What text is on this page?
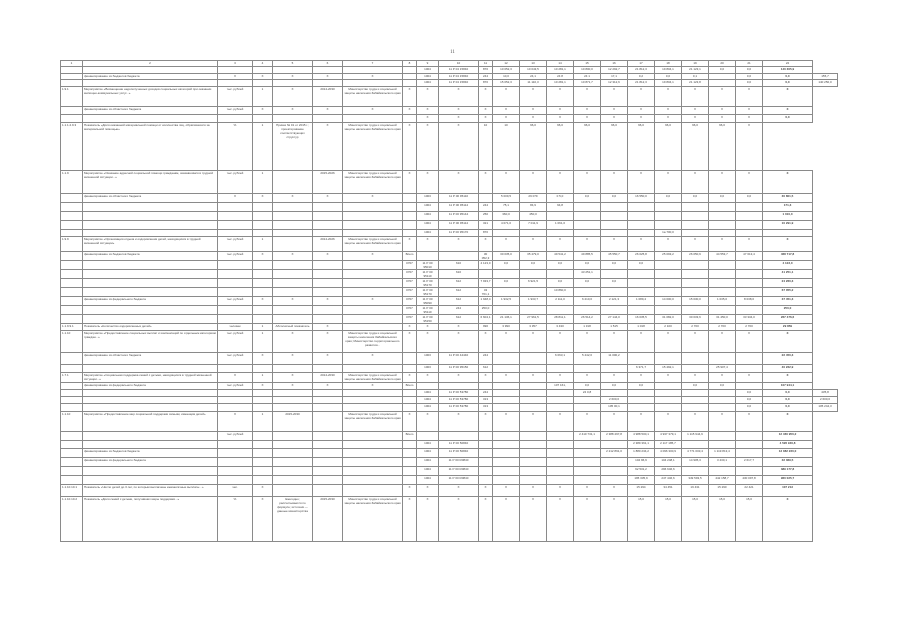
11
1	2	3	4	5	6	7	8	9	10	11	12	13	14	15	16	17	18	19	20	21	22	
								1004	11 Р 04 15840	870	10 052,3	10 043,5	10 281,1	10 800,0	12 292,7	21 812,3	19 804,1	21 123,1	0,0	0,0	140 305,9	
	финансирование из бюджетов бюджета	X	X	X	X	X		1004	11 Р 04 15840	244	10,0	24,1	24 8	24 1	17,1	0,2	0,0	0,1		0,0	0,0	155,7
								1004	11 Р 04 15840	870	15 052,3	11 110,3	10 281,1	10 871,7	12 312,6	21 812,3	19 804,1	21 123,8		0,0	0,0	140 250,0
1.9.1	Мероприятие «Возмещение недополученных доходов социальных категорий при оказании жилищно-коммунальных услуг...»	тыс. рублей	1	X	2014-2030	Министерство труда и социальной защиты населения Забайкальского края	X	X	X	X	X	X	X	X	X	X	X	X	X	X	X	
	финансирование из областного бюджета	тыс. рублей	X	X	X	X	X	X	X	X	X	X	X	X	X	X	X	X	X	X	X	
								X	X	X	X	X	X	X	X	X	X	X	X	X	0,0	
1.1.1.2.9.3	Показатель «Доля оказанной материальной помощи от количества лиц, обратившихся за материальной помощью»	%	1	Приказ № 01 от 2015 г.; проектирование соответствующих структур	X	Министерство труда и социальной защиты населения Забайкальского края	X	X	X	10	10	96,0	96,0	96,0	96,0	96,0	96,0	96,0	96,0	X		
1.1.9	Мероприятие «Оказание адресной социальной помощи гражданам, оказавшимся в трудной жизненной ситуации...»	тыс. рублей	1		2015-2026	Министерство труда и социальной защиты населения Забайкальского края	X	X	X	X	X	X	X	X	X	X	X	X	X	X	X	
	финансирование из областного бюджета	X	X	X	X	X		1003	11 Р 00 95110		5 009,5	29 079	0 5,0	0,0	0,0	16 550,0	0,0	0,0	0,0	0,0	30 801,5	
								1004	11 Р 00 95114	244	75,1	84,9	94,8								171,3	
								1004	11 Р 00 95144	250	360,0	450,0									1 010,0	
								1004	11 Р 00 95114	321	4 071,0	7 011,9	1 061,0								10 291,9	
								1004	11 Р 00 95170	870							1а 700,0					
1.9.9	Мероприятие «Организация отдыха и оздоровления детей, находящихся в трудной жизненной ситуации»	тыс. рублей	1		2014-2026	Министерство труда и социальной защиты населения Забайкальского края	X	X	X	X	X	X	X	X	X	X	X	X	X	X	X	
	финансирование из бюджетов бюджета	тыс. рублей	X	X	X	X	Всего			30 052,3	30 035,0	35 479,0	49 541,2	49 885,5	45 550,7	26 025,8	25 093,2	26 050,9	44 553,7	47 613,4	468 717,8	
							0707	11 Р 00 95010	610	4 123,0	0,0	0,0	0,0	0,0	0,0	0,0					4 123,0	
							0707	11 Р 00 95110	610					43 251,1							41 251,1	
							0707	11 Р 00 95170	612	7 933,7	0,0	6 921,5	0,0	0,0	0,0						24 260,3	
							0707	11 Р 00 95170	612	43 761,1			10 860,0								67 055,2	
	финансирование из федерального бюджета	тыс. рублей	X	X	X	X	0707	11 Р 00 95090	612	1 948,4	1 932,5	1 933,7	2 111,0	6 210,0	2 121,3	1 089,4	14 000,0	15 030,0	1 035,0	8 038,0	37 451,3	
							0707	11 Р 00 95110	244	250,0											250,0	
							0707	11 Р 00 95150	612	6 604,1	21 136,1	27 961,5	28 811,1	26 514,2	27 144,0	16 035,5	31 082,0	30 033,6	31 450,0	33 334,0	267 476,6	
1.1.9.9.1	Показатель «Количество оздоровленных детей»	человек	1	Абсолютный показатель	X		X	X	X	990	3 990	3 357	3 430	1 318	1 515	1 018	2 100	2 700	2 700	2 700	29 859	
1.1.10	Мероприятие «Предоставление социальных выплат и компенсаций по отдельным категориям граждан...»	тыс. рублей	1	X	X	Министерство труда и социальной защиты населения Забайкальского края; Министерство территориального развития...	X	X	X	X	X	X	X	X	X	X	X	X	X	X	X	
	финансирование из областного бюджета	тыс. рублей	X	X	X	X		1003	11 Р 00 44440	244			6 063,1	5 442,0	11 000,2						22 450,3	
								1003	11 Р 00 95150	612						6 371,7	15 492,1		25 907,4		40 222,9	
1.7.1	Мероприятие «Социальная поддержка семей с детьми, находящихся в трудной жизненной ситуации...»	X	1	X	2014-2030	Министерство труда и социальной защиты населения Забайкальского края	X	X	X	X	X	X	X	X	X	X	X	X	X	X	X	
	финансирование из федерального бюджета	тыс. рублей	X	X	X	X	Всего						107 161,	0,0	0,0	0,0		0,0	0,0		107 944,1	
								1004	11 Р 00 53780	244				24 0,8						0,0	0,0	435,8
								1004	11 Р 00 53780	313					2 600,0					0,0	0,0	2 600,0
								1004	11 Р 00 53780	313					105 00,1					0,0	0,0	105 244,3
1.1.10	Мероприятие «Предоставление мер социальной поддержки семьям, имеющим детей»	X	1	2015-2030		Министерство труда и социальной защиты населения Забайкальского края	X	X	X	X	X	X	X	X	X	X	X	X	X	X	X	
		тыс. рублей					Всего							2 410 731,1	2 388 497,8	4 988 500,1	4 937 379,1	1 115 944,9			12 460 950,2	
								1004	11 Р 00 50840							2 389 361,1	2 117 185,7				4 526 946,8	
	финансирование из бюджетов бюджета							1004	11 Р 00 50840						2 212 891,0	1 880 234,2	4 096 300,9	4 771 003,4	1 119 813,4		13 082 230,0	
	финансирование из федерального бюджета							1004	11 Р 00 R0840							104 96,9	104 248,1	14 905,3	3 430,1	2 617,7	32 369,5	
								1004	11 Р 00 R0840							92 531,2	296 646,6				389 177,8	
								1004	11 Р 00 R0840							195 335,9	247 446,6	349 593,5	442 158,7	430 097,8	960 025,7	
1.1.10.10.1	Показатель «Число детей до 3 лет, по которым выплачены ежемесячные выплаты...»	чел.	X				X	X	X	X	X	X	X	X	X	15 294	34 451	19 431	15 290	22 421	107 213	
1.1.10.10.2	Показатель «Доля семей с детьми, получивших меры поддержки...»	%	X	Ежегодно; рассчитывается по формуле; источник — данные министерства	2015-2030	Министерство труда и социальной защиты населения Забайкальского края	X	X	X	X	X	X	X	X	X	15,0	15,0	15,0	15,0	15,0	X	
